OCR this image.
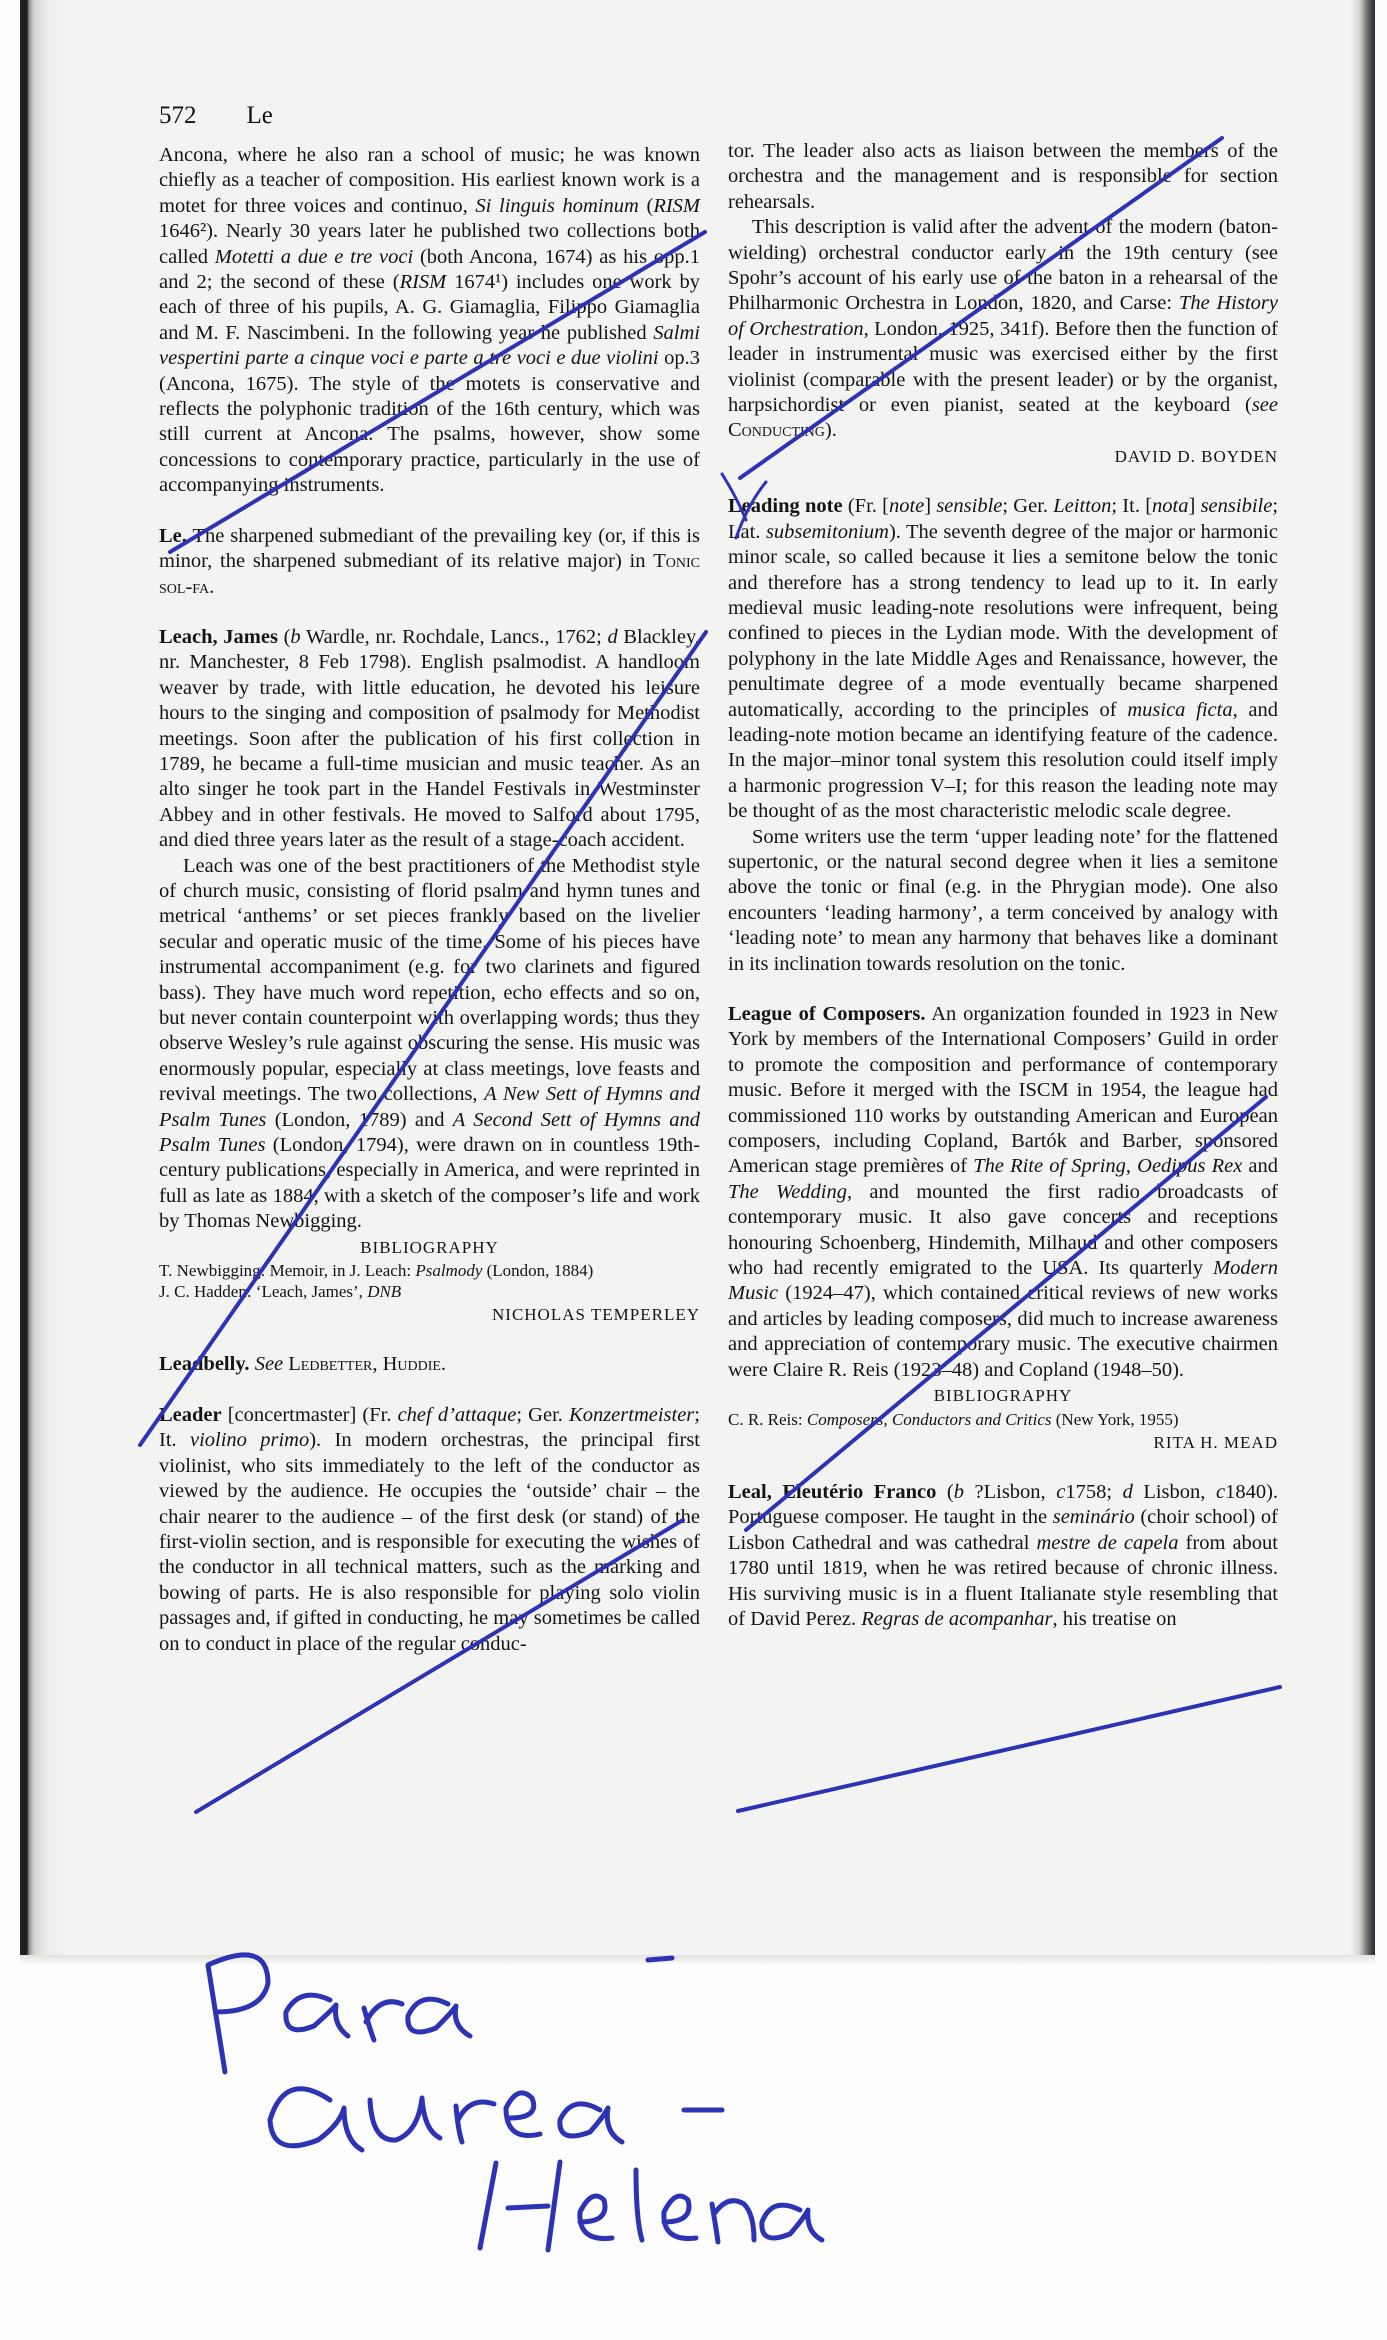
572 Le

Ancona, where he also ran a school of music; he was known chiefly as a teacher of composition. His earliest known work is a motet for three voices and continuo, Si linguis hominum (RISM 1646²). Nearly 30 years later he published two collections both called Motetti a due e tre voci (both Ancona, 1674) as his opp.1 and 2; the second of these (RISM 1674¹) includes one work by each of three of his pupils, A. G. Giamaglia, Filippo Giamaglia and M. F. Nascimbeni. In the following year he published Salmi vespertini parte a cinque voci e parte a tre voci e due violini op.3 (Ancona, 1675). The style of the motets is conservative and reflects the polyphonic tradition of the 16th century, which was still current at Ancona. The psalms, however, show some concessions to contemporary practice, particularly in the use of accompanying instruments.

Le. The sharpened submediant of the prevailing key (or, if this is minor, the sharpened submediant of its relative major) in Tonic sol-fa.

Leach, James (b Wardle, nr. Rochdale, Lancs., 1762; d Blackley, nr. Manchester, 8 Feb 1798). English psalmodist. A handloom weaver by trade, with little education, he devoted his leisure hours to the singing and composition of psalmody for Methodist meetings. Soon after the publication of his first collection in 1789, he became a full-time musician and music teacher. As an alto singer he took part in the Handel Festivals in Westminster Abbey and in other festivals. He moved to Salford about 1795, and died three years later as the result of a stage-coach accident.

Leach was one of the best practitioners of the Methodist style of church music, consisting of florid psalm and hymn tunes and metrical ‘anthems’ or set pieces frankly based on the livelier secular and operatic music of the time. Some of his pieces have instrumental accompaniment (e.g. for two clarinets and figured bass). They have much word repetition, echo effects and so on, but never contain counterpoint with overlapping words; thus they observe Wesley’s rule against obscuring the sense. His music was enormously popular, especially at class meetings, love feasts and revival meetings. The two collections, A New Sett of Hymns and Psalm Tunes (London, 1789) and A Second Sett of Hymns and Psalm Tunes (London, 1794), were drawn on in countless 19th-century publications, especially in America, and were reprinted in full as late as 1884, with a sketch of the composer’s life and work by Thomas Newbigging.

BIBLIOGRAPHY

T. Newbigging: Memoir, in J. Leach: Psalmody (London, 1884)

J. C. Hadden: ‘Leach, James’, DNB

NICHOLAS TEMPERLEY

Leadbelly. See Ledbetter, Huddie.

Leader [concertmaster] (Fr. chef d’attaque; Ger. Konzertmeister; It. violino primo). In modern orchestras, the principal first violinist, who sits immediately to the left of the conductor as viewed by the audience. He occupies the ‘outside’ chair – the chair nearer to the audience – of the first desk (or stand) of the first-violin section, and is responsible for executing the wishes of the conductor in all technical matters, such as the marking and bowing of parts. He is also responsible for playing solo violin passages and, if gifted in conducting, he may sometimes be called on to conduct in place of the regular conduc-

tor. The leader also acts as liaison between the members of the orchestra and the management and is responsible for section rehearsals.

This description is valid after the advent of the modern (baton-wielding) orchestral conductor early in the 19th century (see Spohr’s account of his early use of the baton in a rehearsal of the Philharmonic Orchestra in London, 1820, and Carse: The History of Orchestration, London, 1925, 341f). Before then the function of leader in instrumental music was exercised either by the first violinist (comparable with the present leader) or by the organist, harpsichordist or even pianist, seated at the keyboard (see Conducting).

DAVID D. BOYDEN

Leading note (Fr. [note] sensible; Ger. Leitton; It. [nota] sensibile; Lat. subsemitonium). The seventh degree of the major or harmonic minor scale, so called because it lies a semitone below the tonic and therefore has a strong tendency to lead up to it. In early medieval music leading-note resolutions were infrequent, being confined to pieces in the Lydian mode. With the development of polyphony in the late Middle Ages and Renaissance, however, the penultimate degree of a mode eventually became sharpened automatically, according to the principles of musica ficta, and leading-note motion became an identifying feature of the cadence. In the major–minor tonal system this resolution could itself imply a harmonic progression V–I; for this reason the leading note may be thought of as the most characteristic melodic scale degree.

Some writers use the term ‘upper leading note’ for the flattened supertonic, or the natural second degree when it lies a semitone above the tonic or final (e.g. in the Phrygian mode). One also encounters ‘leading harmony’, a term conceived by analogy with ‘leading note’ to mean any harmony that behaves like a dominant in its inclination towards resolution on the tonic.

League of Composers. An organization founded in 1923 in New York by members of the International Composers’ Guild in order to promote the composition and performance of contemporary music. Before it merged with the ISCM in 1954, the league had commissioned 110 works by outstanding American and European composers, including Copland, Bartók and Barber, sponsored American stage premières of The Rite of Spring, Oedipus Rex and The Wedding, and mounted the first radio broadcasts of contemporary music. It also gave concerts and receptions honouring Schoenberg, Hindemith, Milhaud and other composers who had recently emigrated to the USA. Its quarterly Modern Music (1924–47), which contained critical reviews of new works and articles by leading composers, did much to increase awareness and appreciation of contemporary music. The executive chairmen were Claire R. Reis (1923–48) and Copland (1948–50).

BIBLIOGRAPHY

C. R. Reis: Composers, Conductors and Critics (New York, 1955)

RITA H. MEAD

Leal, Eleutério Franco (b ?Lisbon, c1758; d Lisbon, c1840). Portuguese composer. He taught in the seminário (choir school) of Lisbon Cathedral and was cathedral mestre de capela from about 1780 until 1819, when he was retired because of chronic illness. His surviving music is in a fluent Italianate style resembling that of David Perez. Regras de acompanhar, his treatise on
